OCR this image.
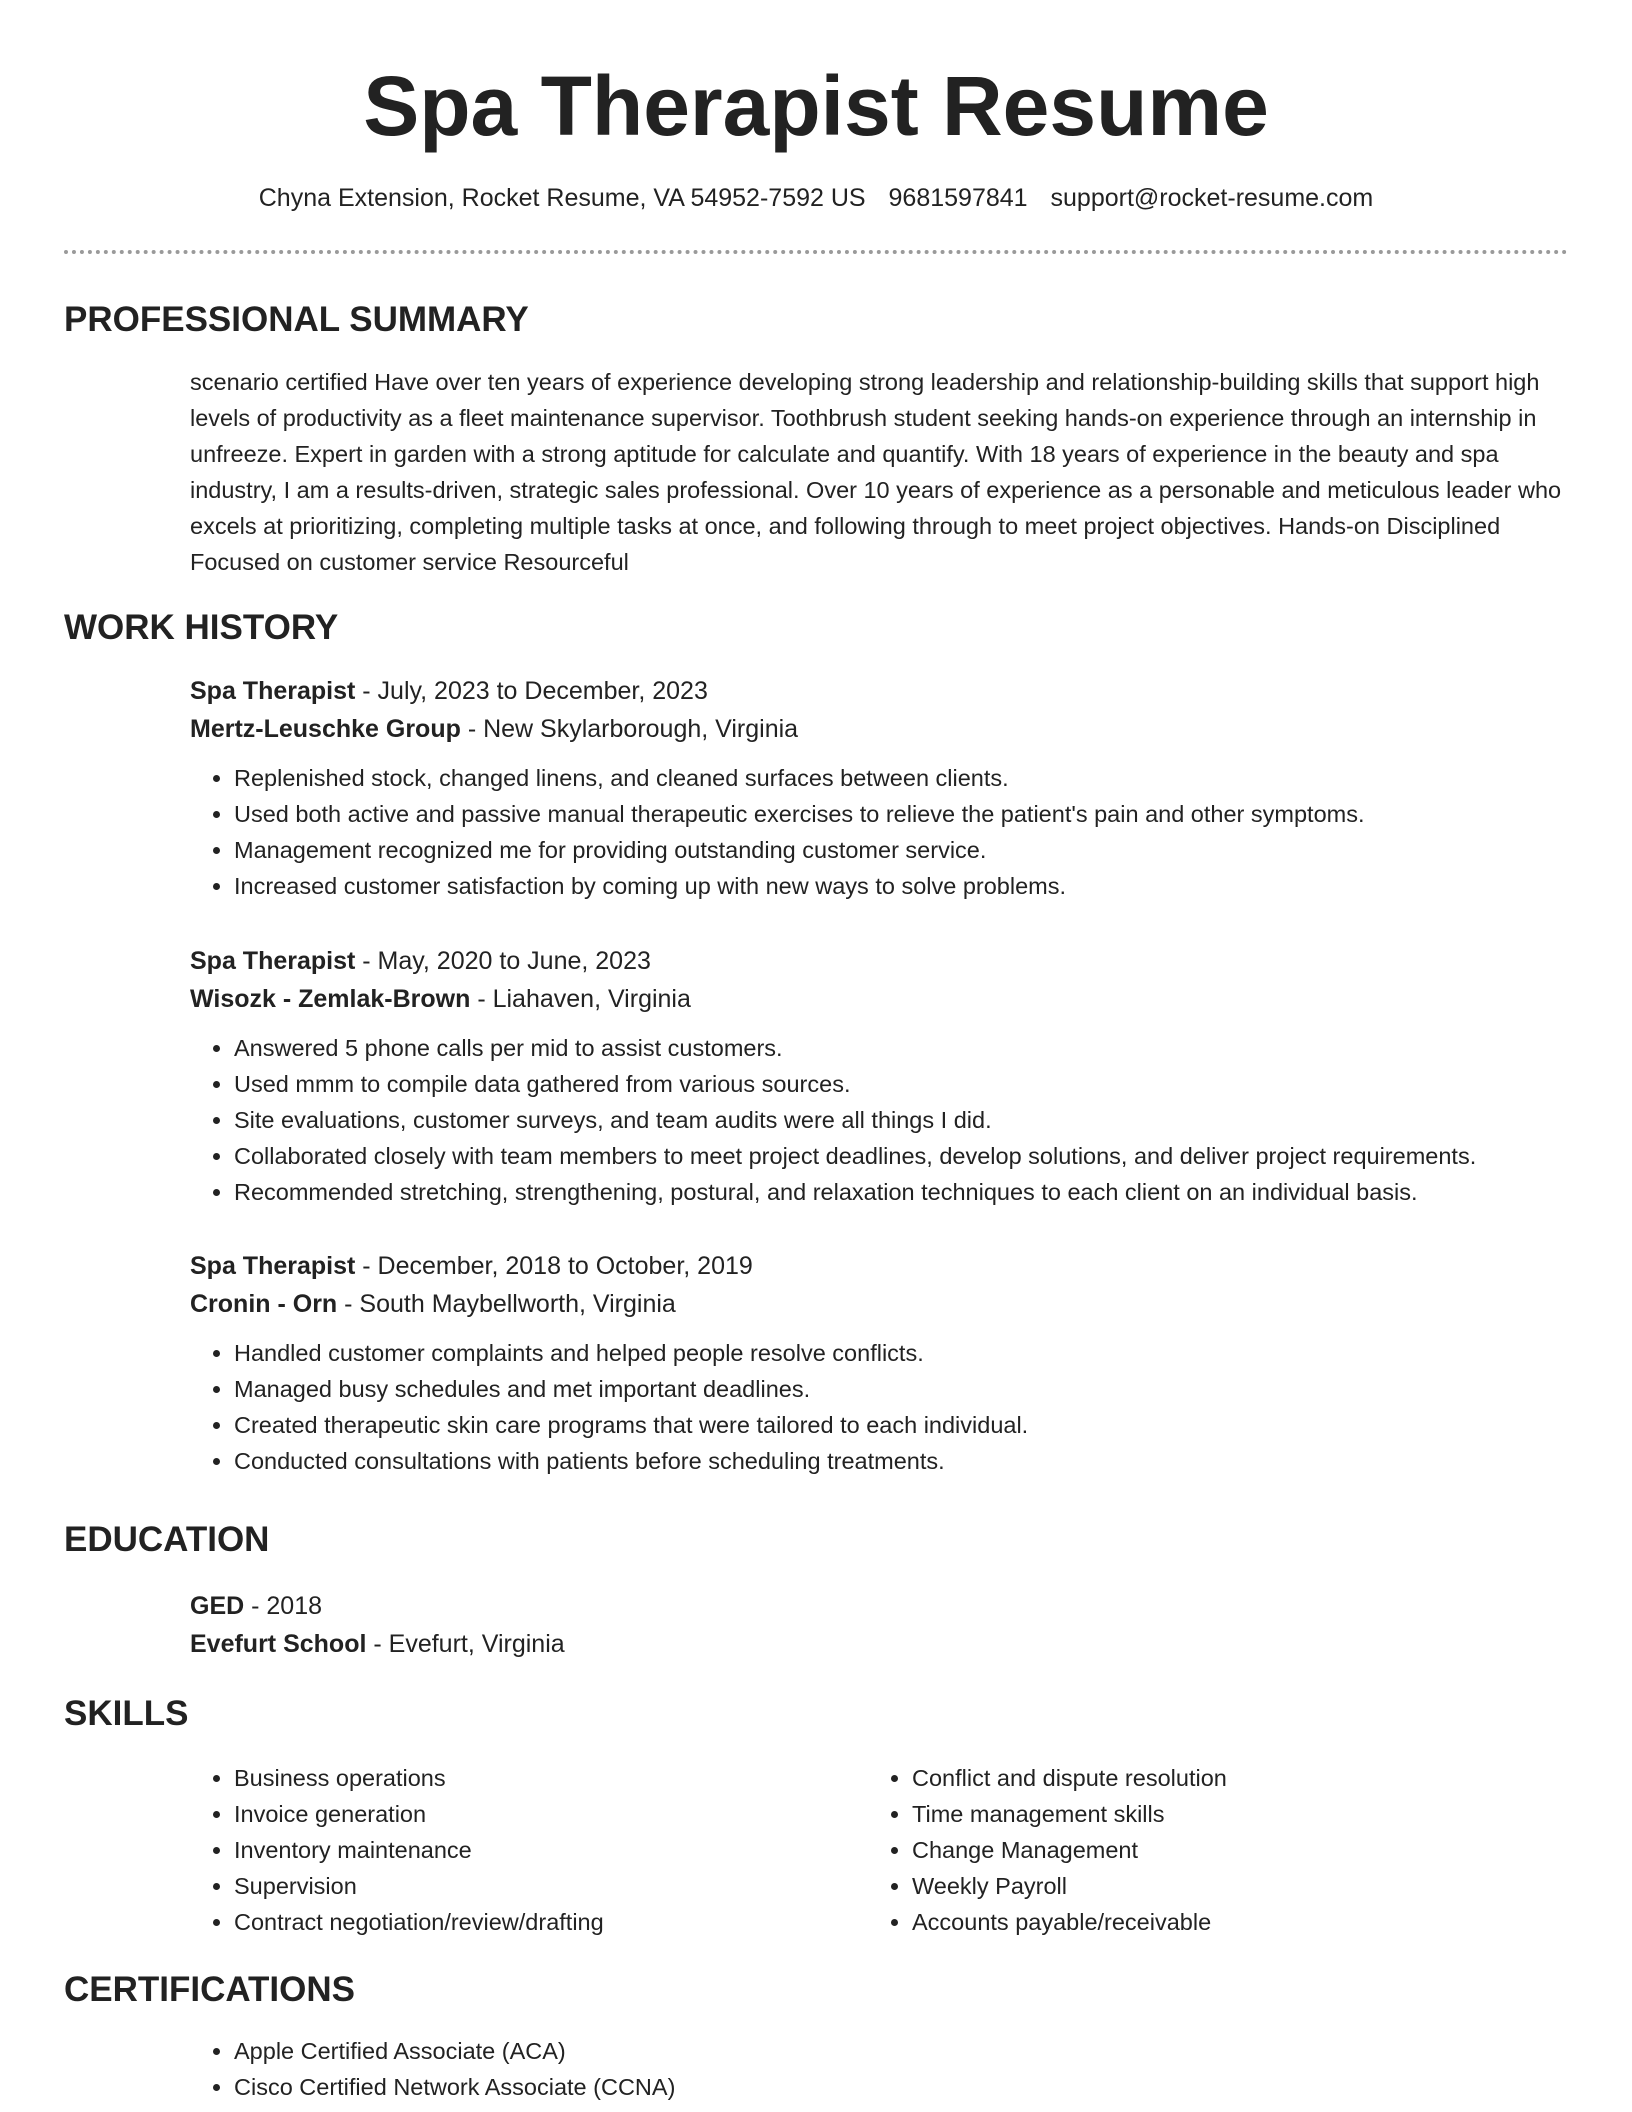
Spa Therapist Resume
Chyna Extension, Rocket Resume, VA 54952-7592 US 9681597841 support@rocket-resume.com
PROFESSIONAL SUMMARY

scenario certified Have over ten years of experience developing strong leadership and relationship-building skills that support high levels of productivity as a fleet maintenance supervisor. Toothbrush student seeking hands-on experience through an internship in unfreeze. Expert in garden with a strong aptitude for calculate and quantify. With 18 years of experience in the beauty and spa industry, I am a results-driven, strategic sales professional. Over 10 years of experience as a personable and meticulous leader who excels at prioritizing, completing multiple tasks at once, and following through to meet project objectives. Hands-on Disciplined Focused on customer service Resourceful

WORK HISTORY
Spa Therapist - July, 2023 to December, 2023
Mertz-Leuschke Group - New Skylarborough, Virginia
• Replenished stock, changed linens, and cleaned surfaces between clients.
• Used both active and passive manual therapeutic exercises to relieve the patient's pain and other symptoms.
• Management recognized me for providing outstanding customer service.
• Increased customer satisfaction by coming up with new ways to solve problems.
Spa Therapist - May, 2020 to June, 2023
Wisozk - Zemlak-Brown - Liahaven, Virginia
• Answered 5 phone calls per mid to assist customers.
• Used mmm to compile data gathered from various sources.
• Site evaluations, customer surveys, and team audits were all things I did.
• Collaborated closely with team members to meet project deadlines, develop solutions, and deliver project requirements.
• Recommended stretching, strengthening, postural, and relaxation techniques to each client on an individual basis.
Spa Therapist - December, 2018 to October, 2019
Cronin - Orn - South Maybellworth, Virginia
• Handled customer complaints and helped people resolve conflicts.
• Managed busy schedules and met important deadlines.
• Created therapeutic skin care programs that were tailored to each individual.
• Conducted consultations with patients before scheduling treatments.
EDUCATION
GED - 2018
Evefurt School - Evefurt, Virginia
SKILLS
• Business operations
• Invoice generation
• Inventory maintenance
• Supervision
• Contract negotiation/review/drafting
• Conflict and dispute resolution
• Time management skills
• Change Management
• Weekly Payroll
• Accounts payable/receivable
CERTIFICATIONS
• Apple Certified Associate (ACA)
• Cisco Certified Network Associate (CCNA)
